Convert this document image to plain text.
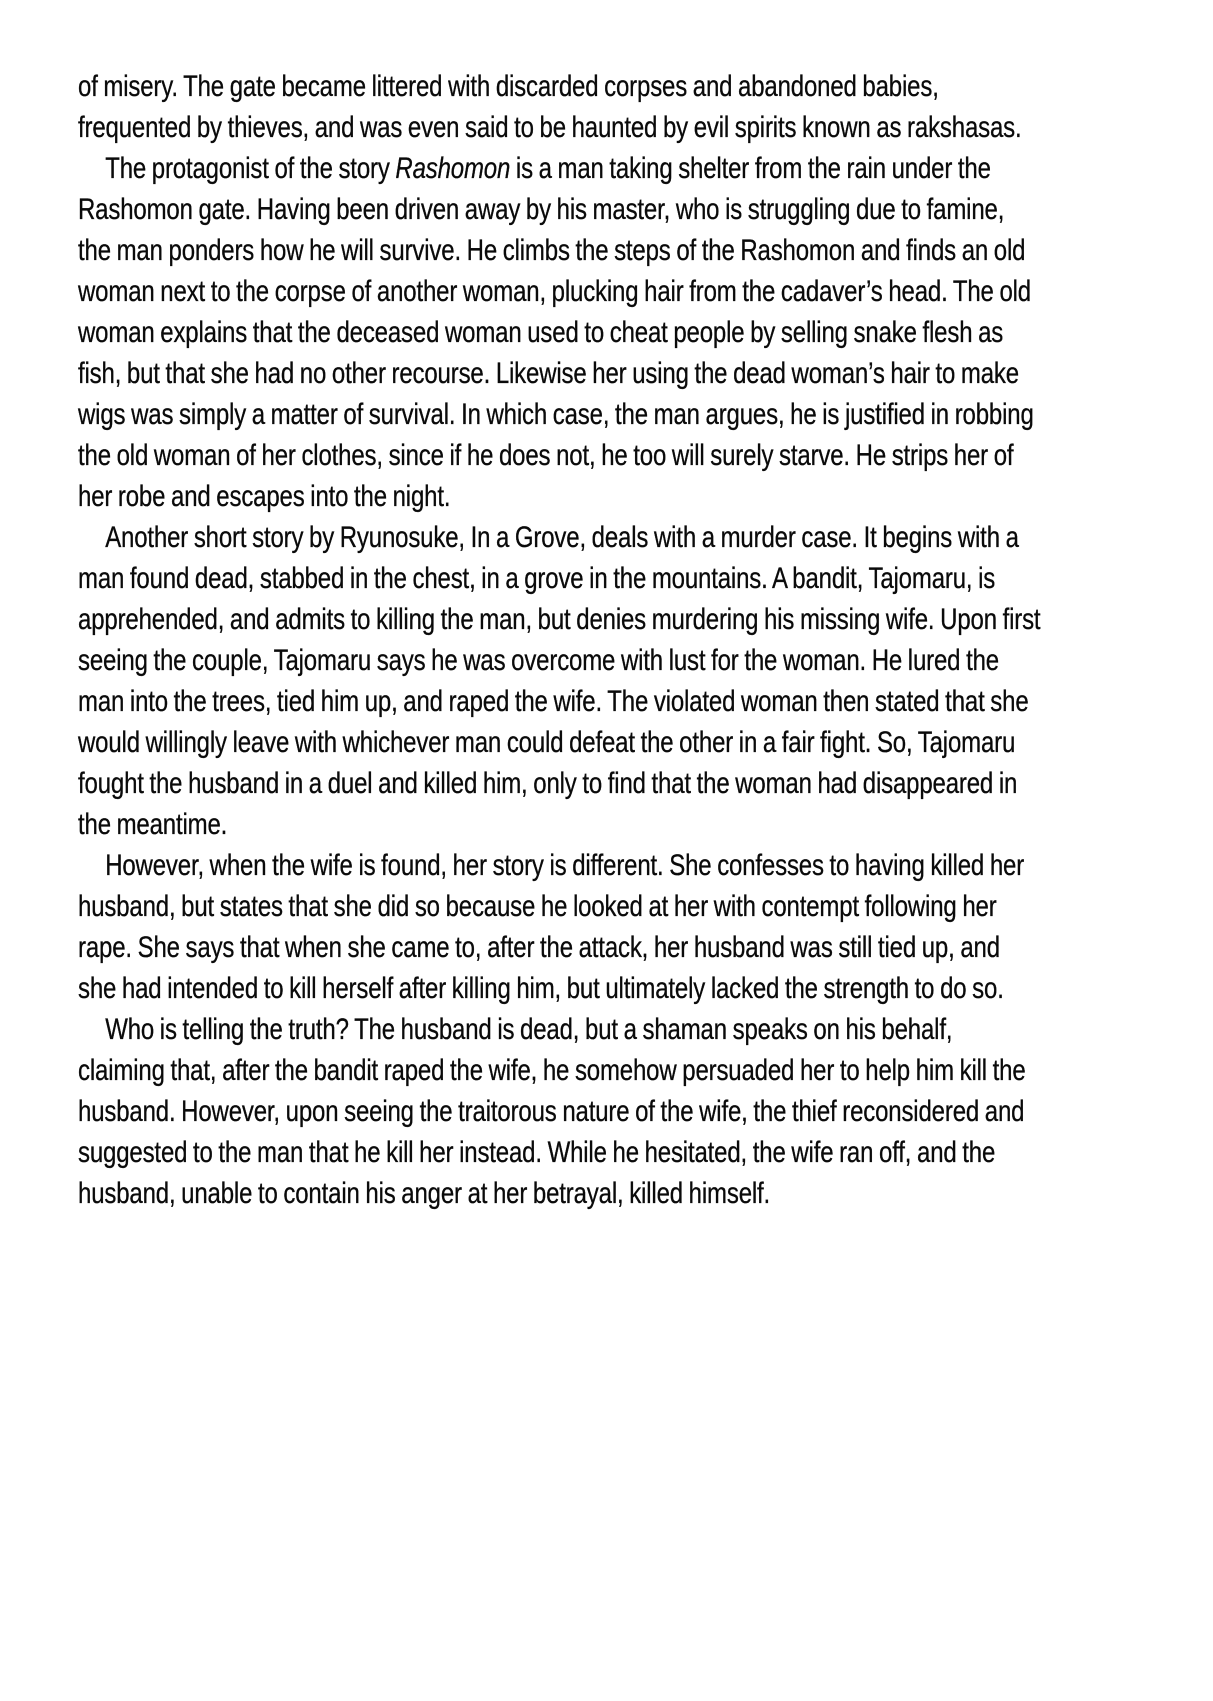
of misery. The gate became littered with discarded corpses and abandoned babies, frequented by thieves, and was even said to be haunted by evil spirits known as rakshasas.

The protagonist of the story Rashomon is a man taking shelter from the rain under the Rashomon gate. Having been driven away by his master, who is struggling due to famine, the man ponders how he will survive. He climbs the steps of the Rashomon and finds an old woman next to the corpse of another woman, plucking hair from the cadaver’s head. The old woman explains that the deceased woman used to cheat people by selling snake flesh as fish, but that she had no other recourse. Likewise her using the dead woman’s hair to make wigs was simply a matter of survival. In which case, the man argues, he is justified in robbing the old woman of her clothes, since if he does not, he too will surely starve. He strips her of her robe and escapes into the night.

Another short story by Ryunosuke, In a Grove, deals with a murder case. It begins with a man found dead, stabbed in the chest, in a grove in the mountains. A bandit, Tajomaru, is apprehended, and admits to killing the man, but denies murdering his missing wife. Upon first seeing the couple, Tajomaru says he was overcome with lust for the woman. He lured the man into the trees, tied him up, and raped the wife. The violated woman then stated that she would willingly leave with whichever man could defeat the other in a fair fight. So, Tajomaru fought the husband in a duel and killed him, only to find that the woman had disappeared in the meantime.

However, when the wife is found, her story is different. She confesses to having killed her husband, but states that she did so because he looked at her with contempt following her rape. She says that when she came to, after the attack, her husband was still tied up, and she had intended to kill herself after killing him, but ultimately lacked the strength to do so.

Who is telling the truth? The husband is dead, but a shaman speaks on his behalf, claiming that, after the bandit raped the wife, he somehow persuaded her to help him kill the husband. However, upon seeing the traitorous nature of the wife, the thief reconsidered and suggested to the man that he kill her instead. While he hesitated, the wife ran off, and the husband, unable to contain his anger at her betrayal, killed himself.
